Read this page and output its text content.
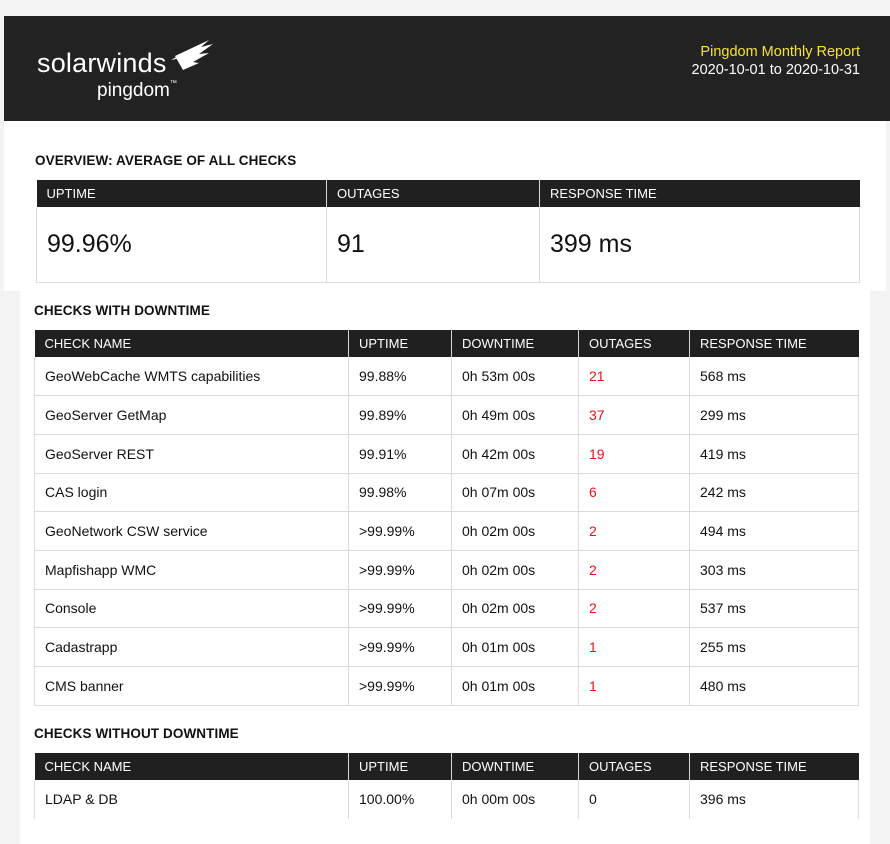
solarwinds
pingdom™
Pingdom Monthly Report
2020-10-01 to 2020-10-31
OVERVIEW: AVERAGE OF ALL CHECKS
UPTIME	OUTAGES	RESPONSE TIME
99.96%	91	399 ms
CHECKS WITH DOWNTIME
CHECK NAME	UPTIME	DOWNTIME	OUTAGES	RESPONSE TIME
GeoWebCache WMTS capabilities	99.88%	0h 53m 00s	21	568 ms
GeoServer GetMap	99.89%	0h 49m 00s	37	299 ms
GeoServer REST	99.91%	0h 42m 00s	19	419 ms
CAS login	99.98%	0h 07m 00s	6	242 ms
GeoNetwork CSW service	>99.99%	0h 02m 00s	2	494 ms
Mapfishapp WMC	>99.99%	0h 02m 00s	2	303 ms
Console	>99.99%	0h 02m 00s	2	537 ms
Cadastrapp	>99.99%	0h 01m 00s	1	255 ms
CMS banner	>99.99%	0h 01m 00s	1	480 ms
CHECKS WITHOUT DOWNTIME
CHECK NAME	UPTIME	DOWNTIME	OUTAGES	RESPONSE TIME
LDAP & DB	100.00%	0h 00m 00s	0	396 ms
